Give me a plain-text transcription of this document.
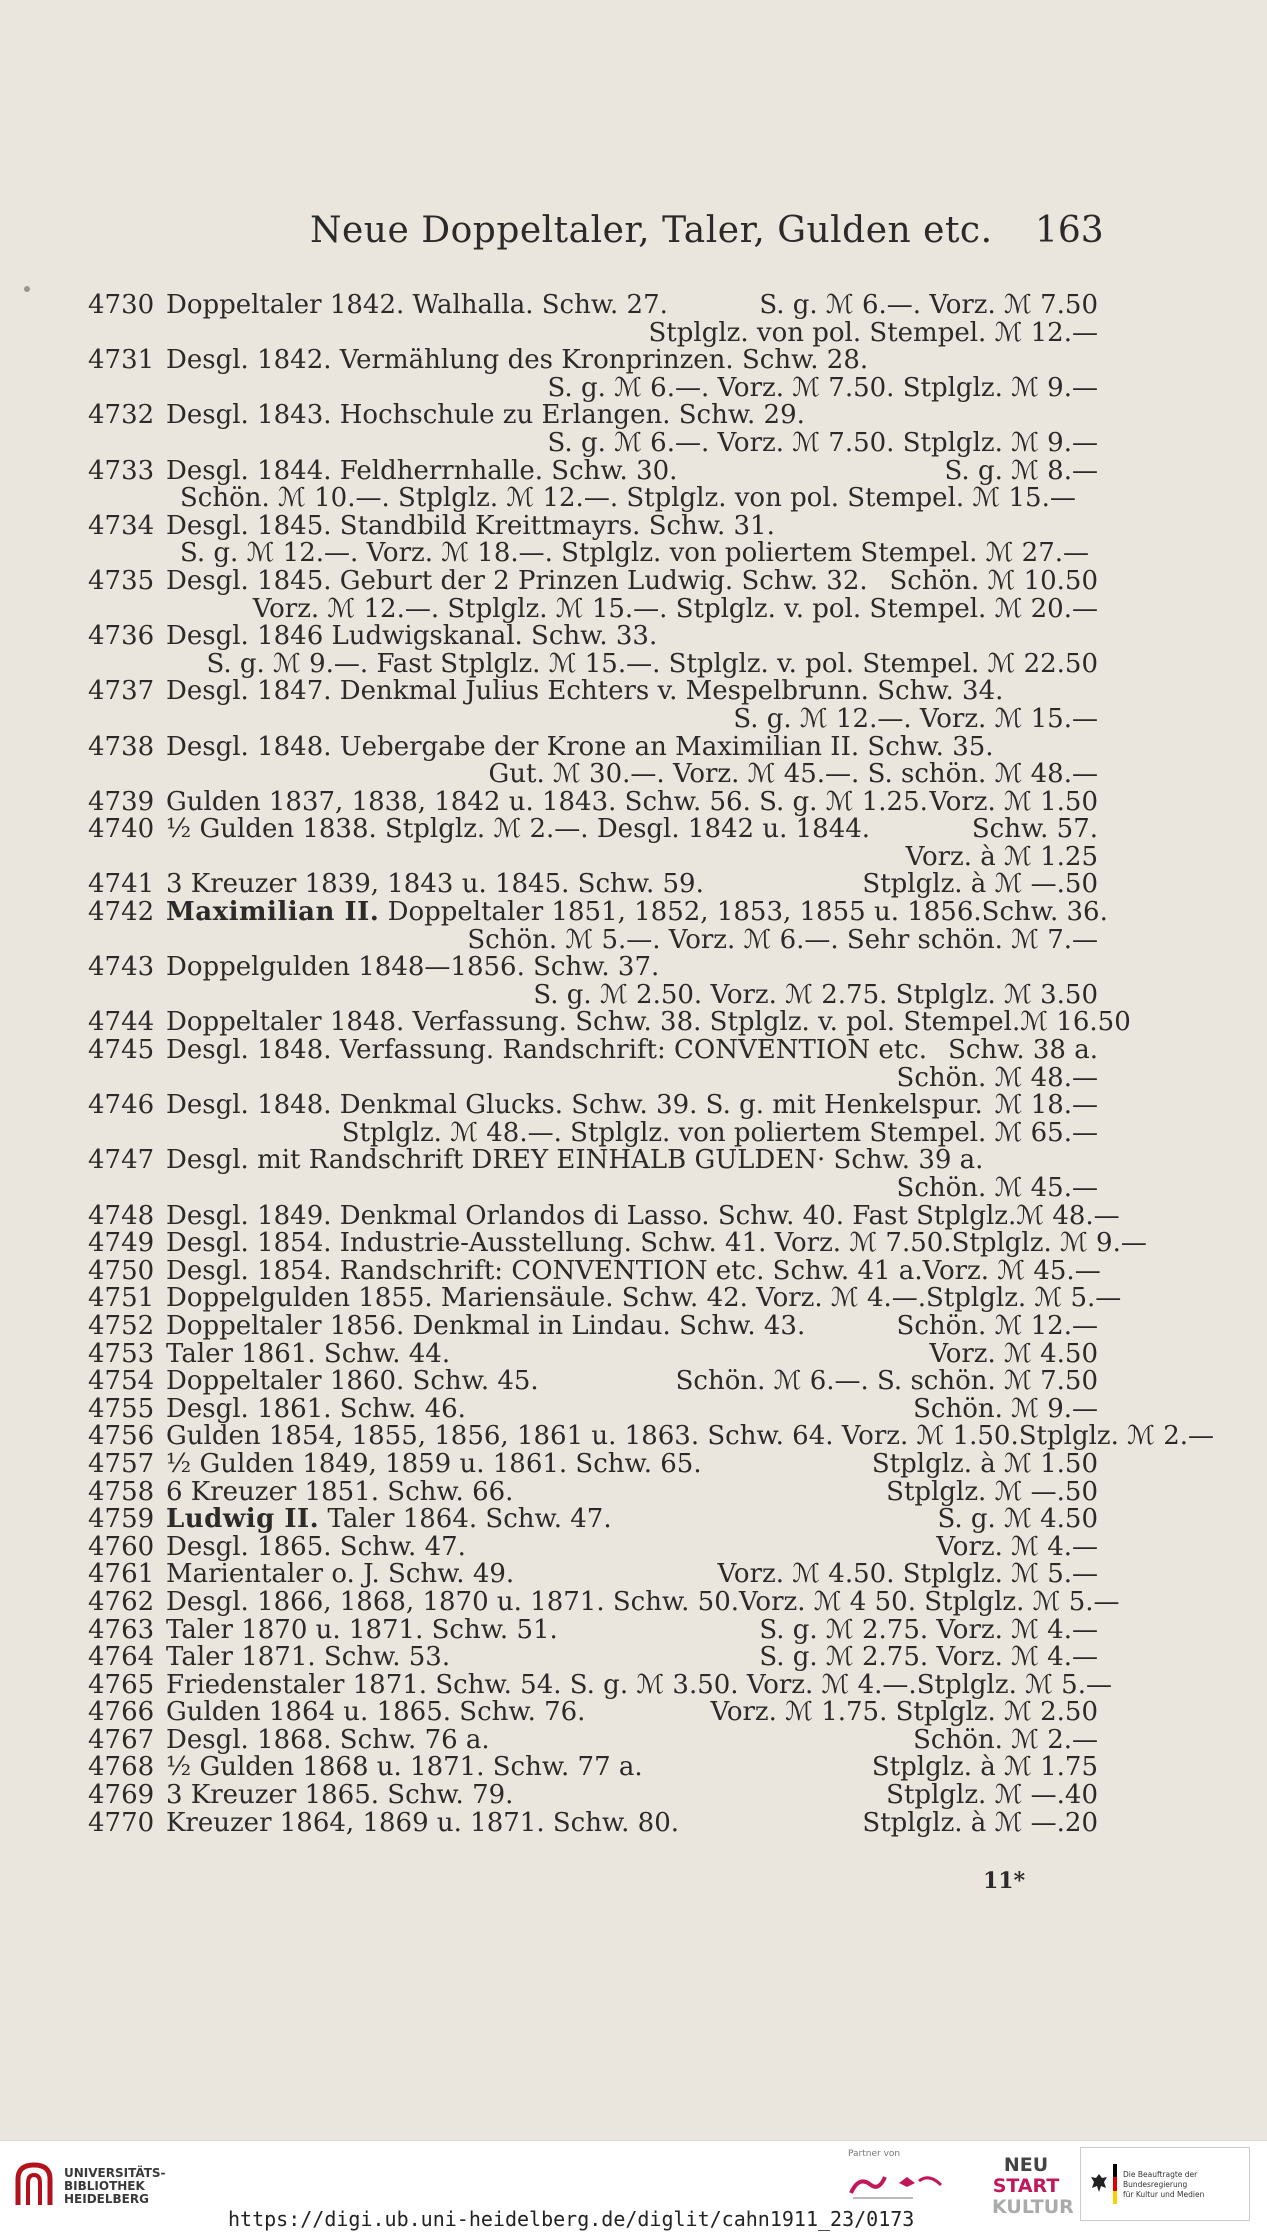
Neue Doppeltaler, Taler, Gulden etc. 163
4730 Doppeltaler 1842. Walhalla. Schw. 27.	S. g. ℳ 6.—. Vorz. ℳ 7.50
Stplglz. von pol. Stempel. ℳ 12.—
4731 Desgl. 1842. Vermählung des Kronprinzen. Schw. 28.
S. g. ℳ 6.—. Vorz. ℳ 7.50. Stplglz. ℳ 9.—
4732 Desgl. 1843. Hochschule zu Erlangen. Schw. 29.
S. g. ℳ 6.—. Vorz. ℳ 7.50. Stplglz. ℳ 9.—
4733 Desgl. 1844. Feldherrnhalle. Schw. 30.	S. g. ℳ 8.—
Schön. ℳ 10.—. Stplglz. ℳ 12.—. Stplglz. von pol. Stempel. ℳ 15.—
4734 Desgl. 1845. Standbild Kreittmayrs. Schw. 31.
S. g. ℳ 12.—. Vorz. ℳ 18.—. Stplglz. von poliertem Stempel. ℳ 27.—
4735 Desgl. 1845. Geburt der 2 Prinzen Ludwig. Schw. 32. Schön. ℳ 10.50
Vorz. ℳ 12.—. Stplglz. ℳ 15.—. Stplglz. v. pol. Stempel. ℳ 20.—
4736 Desgl. 1846 Ludwigskanal. Schw. 33.
S. g. ℳ 9.—. Fast Stplglz. ℳ 15.—. Stplglz. v. pol. Stempel. ℳ 22.50
4737 Desgl. 1847. Denkmal Julius Echters v. Mespelbrunn. Schw. 34.
S. g. ℳ 12.—. Vorz. ℳ 15.—
4738 Desgl. 1848. Uebergabe der Krone an Maximilian II. Schw. 35.
Gut. ℳ 30.—. Vorz. ℳ 45.—. S. schön. ℳ 48.—
4739 Gulden 1837, 1838, 1842 u. 1843. Schw. 56. S. g. ℳ 1.25. Vorz. ℳ 1.50
4740 ½ Gulden 1838. Stplglz. ℳ 2.—. Desgl. 1842 u. 1844.	Schw. 57.
Vorz. à ℳ 1.25
4741 3 Kreuzer 1839, 1843 u. 1845. Schw. 59.	Stplglz. à ℳ —.50
4742 Maximilian II. Doppeltaler 1851, 1852, 1853, 1855 u. 1856. Schw. 36.
Schön. ℳ 5.—. Vorz. ℳ 6.—. Sehr schön. ℳ 7.—
4743 Doppelgulden 1848—1856. Schw. 37.
S. g. ℳ 2.50. Vorz. ℳ 2.75. Stplglz. ℳ 3.50
4744 Doppeltaler 1848. Verfassung. Schw. 38. Stplglz. v. pol. Stempel. ℳ 16.50
4745 Desgl. 1848. Verfassung. Randschrift: CONVENTION etc. Schw. 38 a.
Schön. ℳ 48.—
4746 Desgl. 1848. Denkmal Glucks. Schw. 39. S. g. mit Henkelspur. ℳ 18.—
Stplglz. ℳ 48.—. Stplglz. von poliertem Stempel. ℳ 65.—
4747 Desgl. mit Randschrift DREY EINHALB GULDEN· Schw. 39 a.
Schön. ℳ 45.—
4748 Desgl. 1849. Denkmal Orlandos di Lasso. Schw. 40. Fast Stplglz. ℳ 48.—
4749 Desgl. 1854. Industrie-Ausstellung. Schw. 41. Vorz. ℳ 7.50. Stplglz. ℳ 9.—
4750 Desgl. 1854. Randschrift: CONVENTION etc. Schw. 41 a. Vorz. ℳ 45.—
4751 Doppelgulden 1855. Mariensäule. Schw. 42. Vorz. ℳ 4.—. Stplglz. ℳ 5.—
4752 Doppeltaler 1856. Denkmal in Lindau. Schw. 43.	Schön. ℳ 12.—
4753 Taler 1861. Schw. 44.	Vorz. ℳ 4.50
4754 Doppeltaler 1860. Schw. 45.	Schön. ℳ 6.—. S. schön. ℳ 7.50
4755 Desgl. 1861. Schw. 46.	Schön. ℳ 9.—
4756 Gulden 1854, 1855, 1856, 1861 u. 1863. Schw. 64. Vorz. ℳ 1.50. Stplglz. ℳ 2.—
4757 ½ Gulden 1849, 1859 u. 1861. Schw. 65.	Stplglz. à ℳ 1.50
4758 6 Kreuzer 1851. Schw. 66.	Stplglz. ℳ —.50
4759 Ludwig II. Taler 1864. Schw. 47.	S. g. ℳ 4.50
4760 Desgl. 1865. Schw. 47.	Vorz. ℳ 4.—
4761 Marientaler o. J. Schw. 49.	Vorz. ℳ 4.50. Stplglz. ℳ 5.—
4762 Desgl. 1866, 1868, 1870 u. 1871. Schw. 50. Vorz. ℳ 4 50. Stplglz. ℳ 5.—
4763 Taler 1870 u. 1871. Schw. 51.	S. g. ℳ 2.75. Vorz. ℳ 4.—
4764 Taler 1871. Schw. 53.	S. g. ℳ 2.75. Vorz. ℳ 4.—
4765 Friedenstaler 1871. Schw. 54. S. g. ℳ 3.50. Vorz. ℳ 4.—. Stplglz. ℳ 5.—
4766 Gulden 1864 u. 1865. Schw. 76.	Vorz. ℳ 1.75. Stplglz. ℳ 2.50
4767 Desgl. 1868. Schw. 76 a.	Schön. ℳ 2.—
4768 ½ Gulden 1868 u. 1871. Schw. 77 a.	Stplglz. à ℳ 1.75
4769 3 Kreuzer 1865. Schw. 79.	Stplglz. ℳ —.40
4770 Kreuzer 1864, 1869 u. 1871. Schw. 80.	Stplglz. à ℳ —.20
11*
UNIVERSITÄTS-
BIBLIOTHEK
HEIDELBERG
https://digi.ub.uni-heidelberg.de/diglit/cahn1911_23/0173
Partner von	NEU
START
KULTUR
Die Beauftragte der Bundesregierung
für Kultur und Medien
